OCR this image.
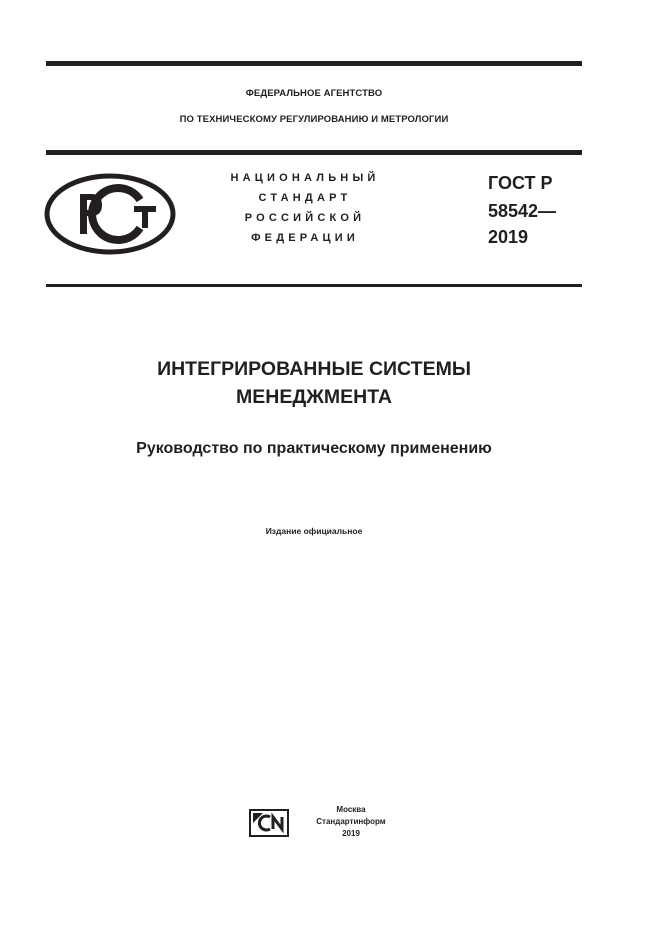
ФЕДЕРАЛЬНОЕ АГЕНТСТВО
ПО ТЕХНИЧЕСКОМУ РЕГУЛИРОВАНИЮ И МЕТРОЛОГИИ
НАЦИОНАЛЬНЫЙ
СТАНДАРТ
РОССИЙСКОЙ
ФЕДЕРАЦИИ
ГОСТ Р
58542—
2019
ИНТЕГРИРОВАННЫЕ СИСТЕМЫ
МЕНЕДЖМЕНТА
Руководство по практическому применению
Издание официальное
Москва
Стандартинформ
2019
